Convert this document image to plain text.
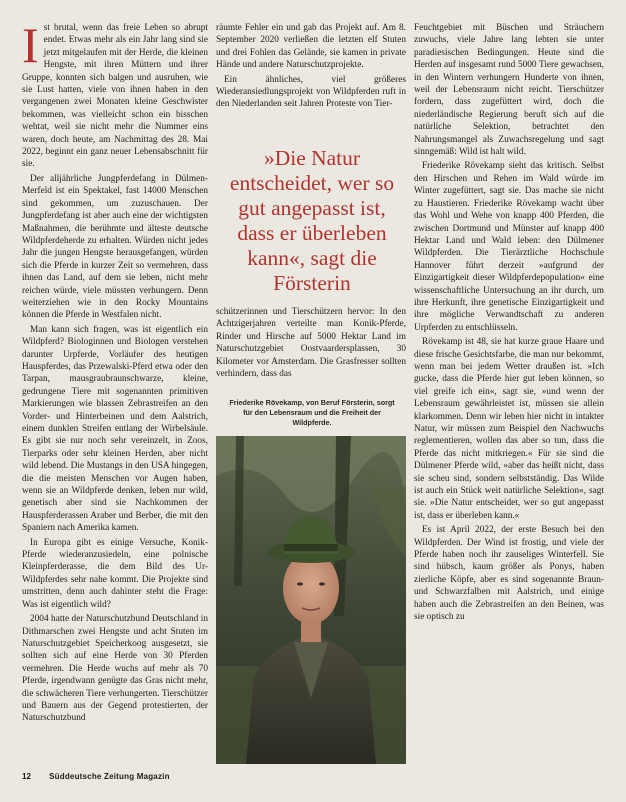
I st brutal, wenn das freie Leben so abrupt endet. Etwas mehr als ein Jahr lang sind sie jetzt mitgelaufen mit der Herde, die kleinen Hengste, mit ihren Müttern und ihrer Gruppe, konnten sich balgen und ausruhen, wie sie Lust hatten, viele von ihnen haben in den vergangenen zwei Monaten kleine Geschwister bekommen, was vielleicht schon ein bisschen wehtat, weil sie nicht mehr die Nummer eins waren, doch heute, am Nachmittag des 28. Mai 2022, beginnt ein ganz neuer Lebensabschnitt für sie.

Der alljährliche Jungpferdefang in Dülmen-Merfeld ist ein Spektakel, fast 14000 Menschen sind gekommen, um zuzuschauen. Der Jungpferdefang ist aber auch eine der wichtigsten Maßnahmen, die berühmte und älteste deutsche Wildpferdeherde zu erhalten. Würden nicht jedes Jahr die jungen Hengste herausgefangen, würden sich die Pferde in kurzer Zeit so vermehren, dass ihnen das Land, auf dem sie leben, nicht mehr reichen würde, viele müssten verhungern. Denn weiterziehen wie in den Rocky Mountains können die Pferde in Westfalen nicht.

Man kann sich fragen, was ist eigentlich ein Wildpferd? Biologinnen und Biologen verstehen darunter Urpferde, Vorläufer des heutigen Hauspferdes, das Przewalski-Pferd etwa oder den Tarpan, mausgraubraunschwarze, kleine, gedrungene Tiere mit sogenannten primitiven Markierungen wie blassen Zebrastreifen an den Vorder- und Hinterbeinen und dem Aalstrich, einem dunklen Streifen entlang der Wirbelsäule. Es gibt sie nur noch sehr vereinzelt, in Zoos, Tierparks oder sehr kleinen Herden, aber nicht wild lebend. Die Mustangs in den USA hingegen, die die meisten Menschen vor Augen haben, wenn sie an Wildpferde denken, leben nur wild, genetisch aber sind sie Nachkommen der Hauspferderassen Araber und Berber, die mit den Spaniern nach Amerika kamen.

In Europa gibt es einige Versuche, Konik-Pferde wiederanzusiedeln, eine polnische Kleinpferderasse, die dem Bild des Ur-Wildpferdes sehr nahe kommt. Die Projekte sind umstritten, denn auch dahinter steht die Frage: Was ist eigentlich wild?

2004 hatte der Naturschutzbund Deutschland in Dithmarschen zwei Hengste und acht Stuten im Naturschutzgebiet Speicherkoog ausgesetzt, sie sollten sich auf eine Herde von 30 Pferden vermehren. Die Herde wuchs auf mehr als 70 Pferde, irgendwann genügte das Gras nicht mehr, die schwächeren Tiere verhungerten. Tierschützer und Bauern aus der Gegend protestierten, der Naturschutzbund

räumte Fehler ein und gab das Projekt auf. Am 8. September 2020 verließen die letzten elf Stuten und drei Fohlen das Gelände, sie kamen in private Hände und andere Naturschutzprojekte.

Ein ähnliches, viel größeres Wiederansiedlungsprojekt von Wildpferden ruft in den Niederlanden seit Jahren Proteste von Tier-

»Die Natur entscheidet, wer so gut angepasst ist, dass er überleben kann«, sagt die Försterin

schützerinnen und Tierschützern hervor: In den Achtzigerjahren verteilte man Konik-Pferde, Rinder und Hirsche auf 5000 Hektar Land im Naturschutzgebiet Oostvaardersplassen, 30 Kilometer vor Amsterdam. Die Grasfresser sollten verhindern, dass das

Friederike Rövekamp, von Beruf Försterin, sorgt für den Lebensraum und die Freiheit der Wildpferde.

Feuchtgebiet mit Büschen und Sträuchern zuwuchs, viele Jahre lang lebten sie unter paradiesischen Bedingungen. Heute sind die Herden auf insgesamt rund 5000 Tiere gewachsen, in den Wintern verhungern Hunderte von ihnen, weil der Lebensraum nicht reicht. Tierschützer fordern, dass zugefüttert wird, doch die niederländische Regierung beruft sich auf die natürliche Selektion, betrachtet den Nahrungsmangel als Zuwachsregelung und sagt sinngemäß: Wild ist halt wild.

Friederike Rövekamp sieht das kritisch. Selbst den Hirschen und Rehen im Wald würde im Winter zugefüttert, sagt sie. Das mache sie nicht zu Haustieren. Friederike Rövekamp wacht über das Wohl und Wehe von knapp 400 Pferden, die zwischen Dortmund und Münster auf knapp 400 Hektar Land und Wald leben: den Dülmener Wildpferden. Die Tierärztliche Hochschule Hannover führt derzeit »aufgrund der Einzigartigkeit dieser Wildpferdepopulation« eine wissenschaftliche Untersuchung an ihr durch, um ihre Herkunft, ihre genetische Einzigartigkeit und ihre mögliche Verwandtschaft zu anderen Urpferden zu entschlüsseln.

Rövekamp ist 48, sie hat kurze graue Haare und diese frische Gesichtsfarbe, die man nur bekommt, wenn man bei jedem Wetter draußen ist. »Ich gucke, dass die Pferde hier gut leben können, so viel greife ich ein«, sagt sie, »und wenn der Lebensraum gewährleistet ist, müssen sie allein klarkommen. Denn wir leben hier nicht in intakter Natur, wir müssen zum Beispiel den Nachwuchs reglementieren, wollen das aber so tun, dass die Pferde das nicht mitkriegen.« Für sie sind die Dülmener Pferde wild, »aber das heißt nicht, dass sie scheu sind, sondern selbstständig. Das Wilde ist auch ein Stück weit natürliche Selektion«, sagt sie. »Die Natur entscheidet, wer so gut angepasst ist, dass er überleben kann.«

Es ist April 2022, der erste Besuch bei den Wildpferden. Der Wind ist frostig, und viele der Pferde haben noch ihr zauseliges Winterfell. Sie sind hübsch, kaum größer als Ponys, haben zierliche Köpfe, aber es sind sogenannte Braun- und Schwarzfalben mit Aalstrich, und einige haben auch die Zebrastreifen an den Beinen, was sie optisch zu

12 Süddeutsche Zeitung Magazin
